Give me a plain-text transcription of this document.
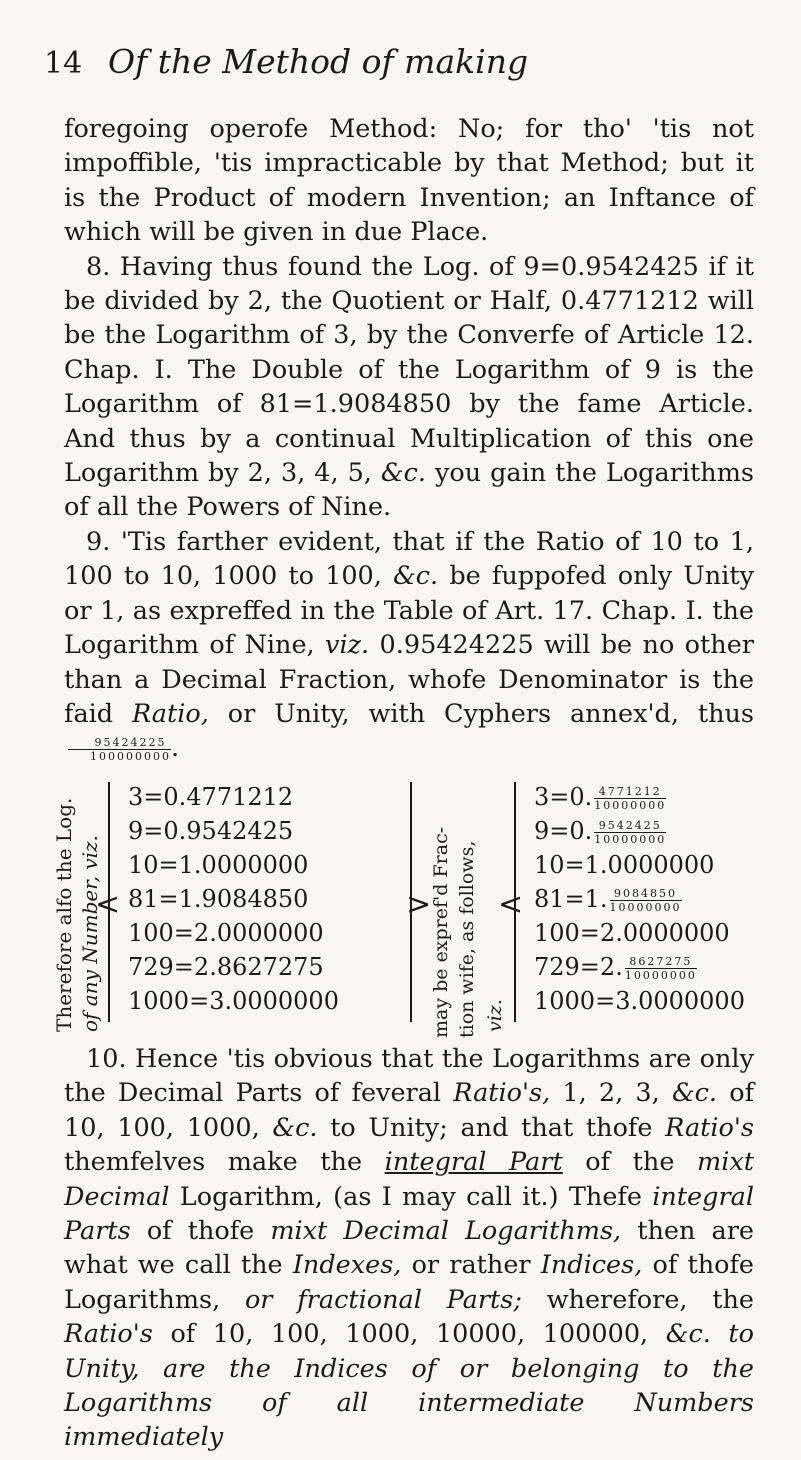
14 Of the Method of making

foregoing operofe Method: No; for tho' 'tis not impoffible, 'tis impracticable by that Method; but it is the Product of modern Invention; an Inftance of which will be given in due Place.

8. Having thus found the Log. of 9=0.9542425 if it be divided by 2, the Quotient or Half, 0.4771212 will be the Logarithm of 3, by the Converfe of Article 12. Chap. I. The Double of the Logarithm of 9 is the Logarithm of 81=1.9084850 by the fame Article. And thus by a continual Multiplication of this one Logarithm by 2, 3, 4, 5, &c. you gain the Logarithms of all the Powers of Nine.

9. 'Tis farther evident, that if the Ratio of 10 to 1, 100 to 10, 1000 to 100, &c. be fuppofed only Unity or 1, as expreffed in the Table of Art. 17. Chap. I. the Logarithm of Nine, viz. 0.95424225 will be no other than a Decimal Fraction, whofe Denominator is the faid Ratio, or Unity, with Cyphers annex'd, thus
$\frac{95424225}{100000000}$ .

Therefore alfo the Log. of any Number, viz.
<
3=0.4771212
9=0.9542425
10=1.0000000
81=1.9084850
100=2.0000000
729=2.8627275
1000=3.0000000
>
may be expref'd Frac- tion wife, as follows, viz.
<
3=0. $\frac{4771212}{10000000}$
9=0. $\frac{9542425}{10000000}$
10=1.0000000
81=1. $\frac{9084850}{10000000}$
100=2.0000000
729=2. $\frac{8627275}{10000000}$
1000=3.0000000

10. Hence 'tis obvious that the Logarithms are only the Decimal Parts of feveral Ratio's, 1, 2, 3, &c. of 10, 100, 1000, &c. to Unity; and that thofe Ratio's themfelves make the integral Part of the mixt Decimal Logarithm, (as I may call it.) Thefe integral Parts of thofe mixt Decimal Logarithms, then are what we call the Indexes, or rather Indices, of thofe Logarithms, or fractional Parts; wherefore, the Ratio's of 10, 100, 1000, 10000, 100000, &c. to Unity, are the Indices of or belonging to the Logarithms of all intermediate Numbers immediately
